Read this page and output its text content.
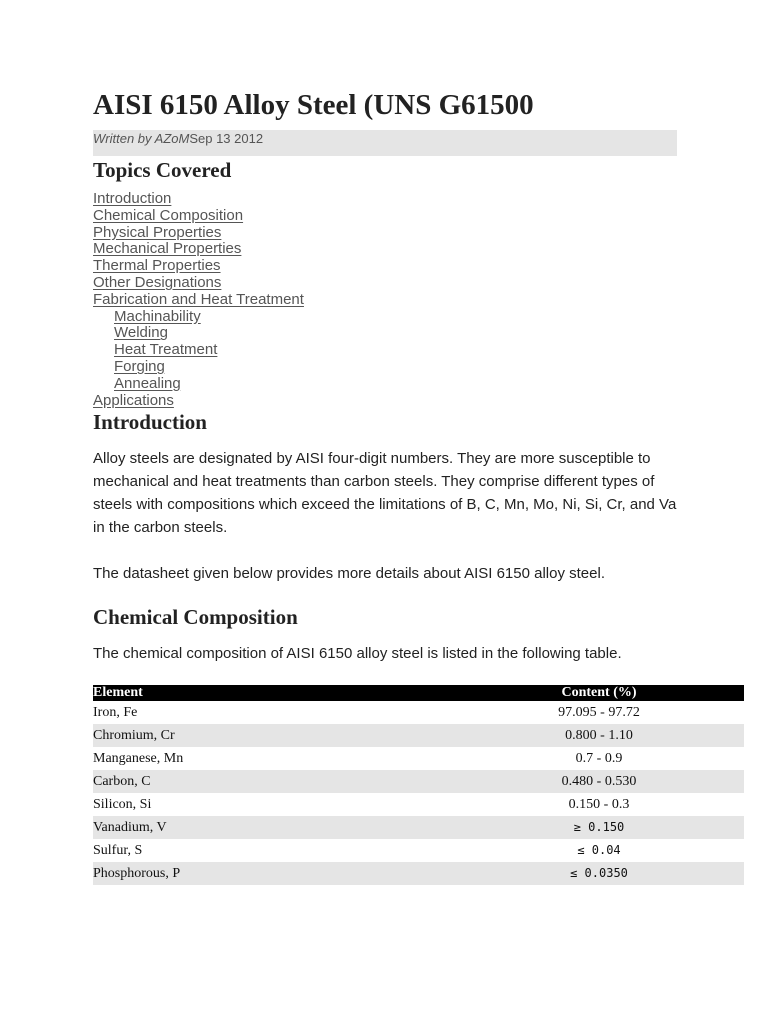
AISI 6150 Alloy Steel (UNS G61500
Written by AZoMSep 13 2012
Topics Covered
Introduction
Chemical Composition
Physical Properties
Mechanical Properties
Thermal Properties
Other Designations
Fabrication and Heat Treatment
Machinability
Welding
Heat Treatment
Forging
Annealing
Applications
Introduction

Alloy steels are designated by AISI four-digit numbers. They are more susceptible to mechanical and heat treatments than carbon steels. They comprise different types of steels with compositions which exceed the limitations of B, C, Mn, Mo, Ni, Si, Cr, and Va in the carbon steels.

The datasheet given below provides more details about AISI 6150 alloy steel.

Chemical Composition

The chemical composition of AISI 6150 alloy steel is listed in the following table.

Element	Content (%)
Iron, Fe	97.095 - 97.72
Chromium, Cr	0.800 - 1.10
Manganese, Mn	0.7 - 0.9
Carbon, C	0.480 - 0.530
Silicon, Si	0.150 - 0.3
Vanadium, V	≥ 0.150
Sulfur, S	≤ 0.04
Phosphorous, P	≤ 0.0350
